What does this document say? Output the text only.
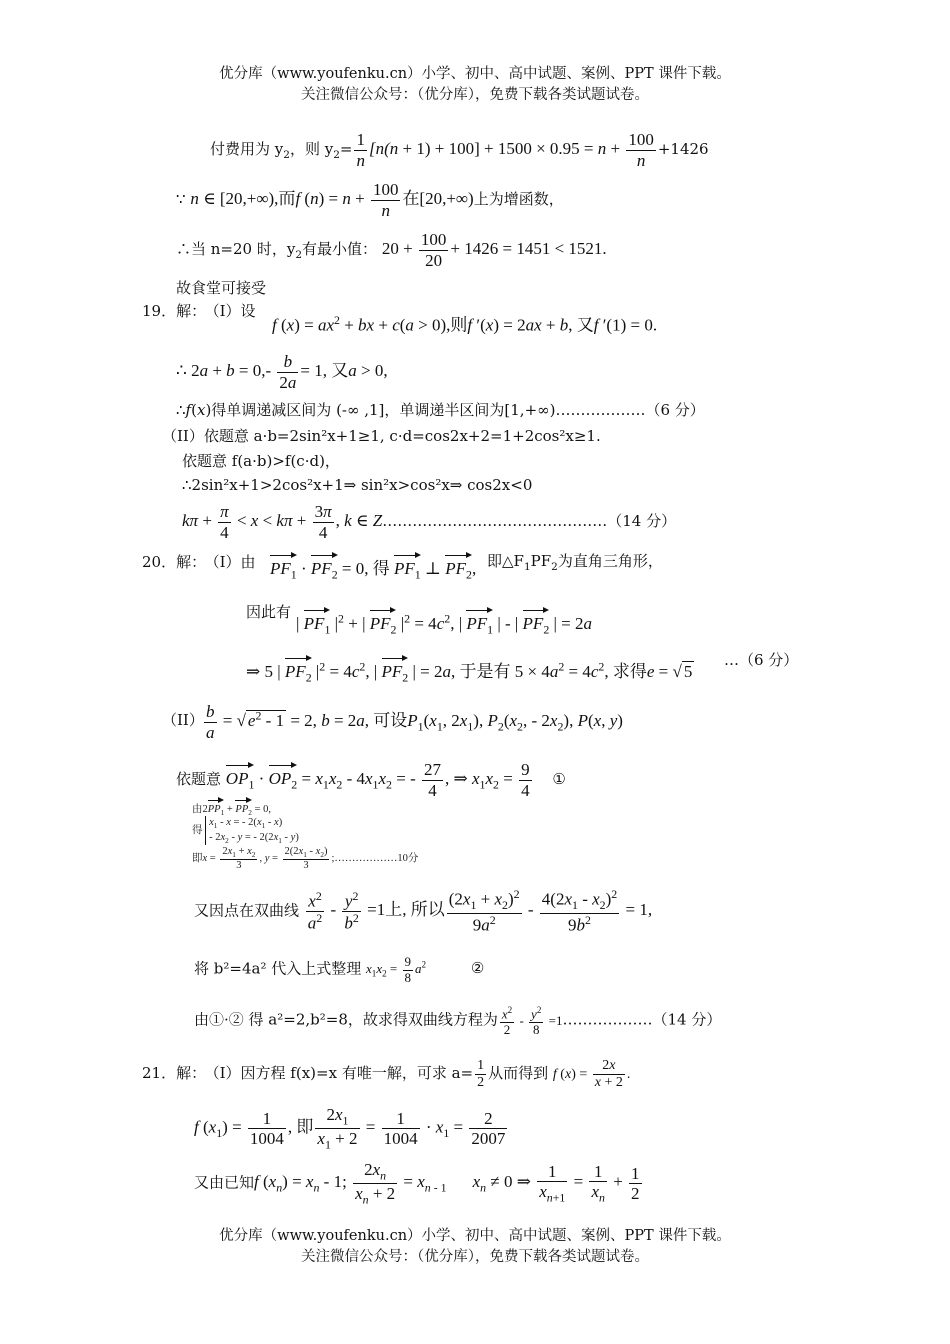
优分库（www.youfenku.cn）小学、初中、高中试题、案例、PPT 课件下载。
关注微信公众号：（优分库），免费下载各类试题试卷。
付费用为 $y_2$，则 $y_2= \frac{1}{n} [n(n + 1) + 100] + 1500 \times 0.95 = n + \frac{100}{n} +1426$
∵ n ∈ [20,+∞),而f $(n) = n + \frac{100}{n}$ 在[20,+∞)上为增函数，
∴当 n=20 时，$y_2$有最小值： $20 + \frac{100}{20} + 1426 = 1451 < 1521$.
故食堂可接受
19．解： （I）设
f $(x) = ax^2$ + bx + c(a > 0),则f ′(x) = 2ax + b, 又f ′(1) = 0.
∴ $2a + b = 0,- \frac{b}{2a} = 1$, 又a > 0,
∴f(x)得单调递减区间为 (-∞ ,1]，单调递半区间为[1,+∞)………………（6 分）
（II）依题意 a·b=2sin²x+1≥1, c·d=cos2x+2=1+2cos²x≥1.
依题意 f(a·b)>f(c·d)，
∴2sin²x+1>2cos²x+1⇒ sin²x>cos²x⇒ cos2x<0
$k\pi + \frac{\pi}{4} < x < k\pi + \frac{3\pi}{4}$ , k ∈ Z………………………………………（14 分）
20．解： （I）由 $PF_1 \cdot PF_2 = 0$, 得 $PF_1$ ⊥ $PF_2$, 即$\triangle F_1PF_2$为直角三角形，
因此有
| $PF_1$ $|^2$ + | $PF_2$ $|^2 = 4c^2$, | $PF_1$ | - | $PF_2$ | = 2a
⇒ 5 | $PF_2$ $|^2 = 4c^2$, | $PF_2$ | = 2a, 于是有 $5 \times 4a^2 = 4c^2$, 求得e = √ 5
…（6 分）
$(II) \frac{b}{a}$ = √ $e^2 - 1 = 2$, b = 2a, 可设$P_1(x_1$, $2x_1$), $P_2(x_2$, - $2x_2$), P(x, y)
依题意 $OP_1 \cdot OP_2 = x_1x_2 - 4x_1x_2$ = - $\frac{27}{4}$ , ⇒ $x_1x_2 = \frac{9}{4}$ ①
由$2PP_1 + PP_2 = 0$,
得 $x_1$ - x = - $2(x_1 - x)$
- $2x_2$ - y = - $2(2x_1 - y)$
即$x = \frac{2x_1 + x_2}{3}$ , $y = \frac{2(2x_1 - x_2)}{3}$ ;………………10分
又因点在双曲线 $\frac{x^2}{a^2} - \frac{y^2}{b^2} =1$上, 所以 $\frac{(2x_1 + x_2)^2}{9a^2} - \frac{4(2x_1 - x_2)^2}{9b^2} = 1$,
将 b²=4a² 代入上式整理 $x_1x_2 = \frac{9}{8} a^2$	②
由①·② 得 a²=2,b²=8，故求得双曲线方程为 $\frac{x^2}{2} - \frac{y^2}{8}$ =1………………（14 分）
21．解： （I）因方程 f(x)=x 有唯一解，可求 $a= \frac{1}{2}$ 从而得到 f $(x) = \frac{2x}{x + 2}$ .
f $(x_1) = \frac{1}{1004}$ , 即 $\frac{2x_1}{x_1 + 2} = \frac{1}{1004} \cdot x_1 = \frac{2}{2007}$
又由已知f $(x_n) = x_n - 1$; $\frac{2x_n}{x_n + 2} = x_{n - 1}$ $x_n \ne 0$ ⇒ $\frac{1}{x_{n+1}} = \frac{1}{x_n} + \frac{1}{2}$
优分库（www.youfenku.cn）小学、初中、高中试题、案例、PPT 课件下载。
关注微信公众号：（优分库），免费下载各类试题试卷。
